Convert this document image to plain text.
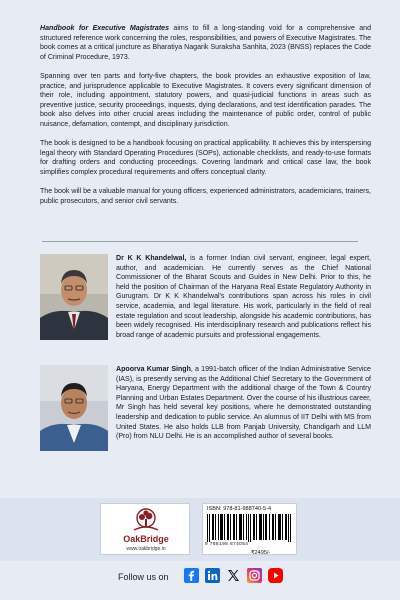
Handbook for Executive Magistrates aims to fill a long-standing void for a comprehensive and structured reference work concerning the roles, responsibilities, and powers of Executive Magistrates. The book comes at a critical juncture as Bharatiya Nagarik Suraksha Sanhita, 2023 (BNSS) replaces the Code of Criminal Procedure, 1973.

Spanning over ten parts and forty-five chapters, the book provides an exhaustive exposition of law, practice, and jurisprudence applicable to Executive Magistrates. It covers every significant dimension of their role, including appointment, statutory powers, and quasi-judicial functions in areas such as preventive justice, security proceedings, inquests, dying declarations, and test identification parades. The book also delves into other crucial areas including the maintenance of public order, control of public nuisance, defamation, contempt, and disciplinary jurisdiction.

The book is designed to be a handbook focusing on practical applicability. It achieves this by interspersing legal theory with Standard Operating Procedures (SOPs), actionable checklists, and ready-to-use formats for drafting orders and conducting proceedings. Covering landmark and critical case law, the book simplifies complex procedural requirements and offers conceptual clarity.

The book will be a valuable manual for young officers, experienced administrators, academicians, trainers, public prosecutors, and senior civil servants.

Dr K K Khandelwal, is a former Indian civil servant, engineer, legal expert, author, and academician. He currently serves as the Chief National Commissioner of the Bharat Scouts and Guides in New Delhi. Prior to this, he held the position of Chairman of the Haryana Real Estate Regulatory Authority in Gurugram. Dr K K Khandelwal's contributions span across his roles in civil service, academia, and legal literature. His work, particularly in the field of real estate regulation and scout leadership, alongside his academic contributions, has been widely recognised. His interdisciplinary research and publications reflect his broad range of academic pursuits and professional engagements.
Apoorva Kumar Singh, a 1991-batch officer of the Indian Administrative Service (IAS), is presently serving as the Additional Chief Secretary to the Government of Haryana, Energy Department with the additional charge of the Town & Country Planning and Urban Estates Department. Over the course of his illustrious career, Mr Singh has held several key positions, where he demonstrated outstanding leadership and dedication to public service. An alumnus of IIT Delhi with MS from United States. He also holds LLB from Panjab University, Chandigarh and LLM (Pro) from NLU Delhi. He is an accomplished author of several books.
OakBridge
www.oakbridge.in
ISBN: 978-81-988740-5-4
9 788198 874054
₹2495/-
Follow us on
